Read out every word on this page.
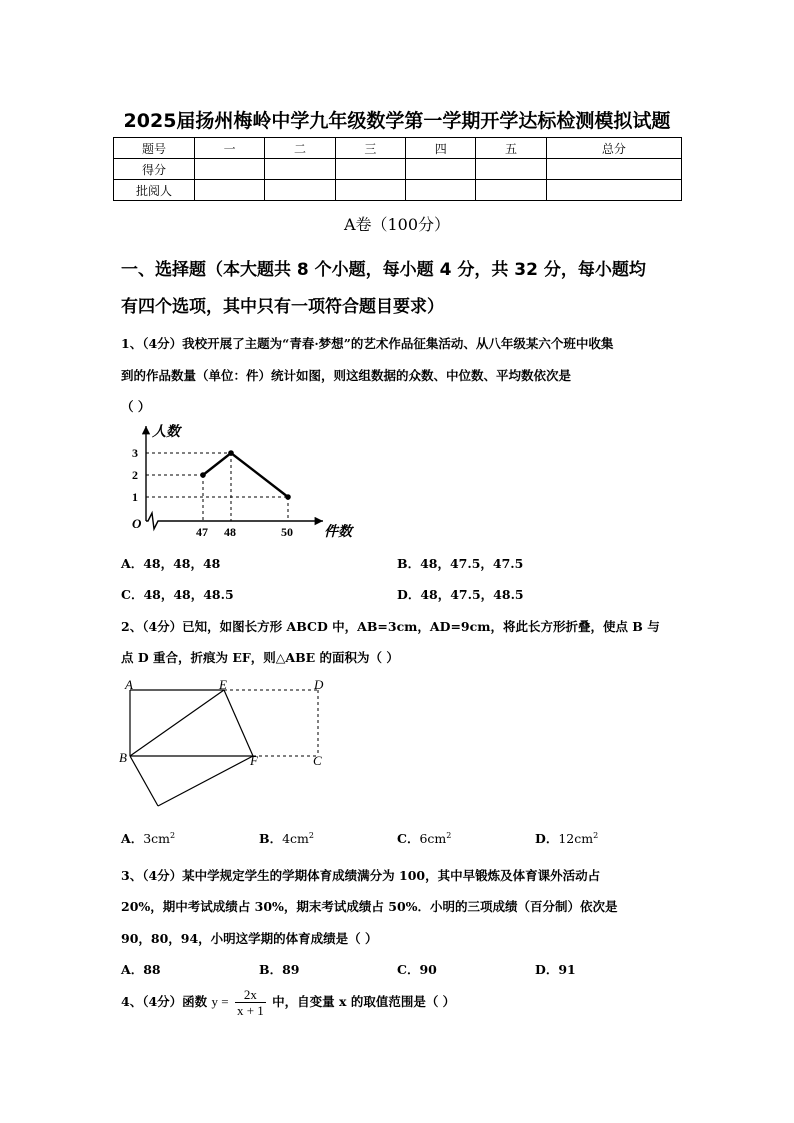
2025届扬州梅岭中学九年级数学第一学期开学达标检测模拟试题
题号	一	二	三	四	五	总分
得分						
批阅人						
A卷（100分）
一、选择题（本大题共 8 个小题，每小题 4 分，共 32 分，每小题均
有四个选项，其中只有一项符合题目要求）
1、（4分）我校开展了主题为“青春·梦想”的艺术作品征集活动、从八年级某六个班中收集
到的作品数量（单位：件）统计如图，则这组数据的众数、中位数、平均数依次是
（ ）
人数
件数
O
3
2
1
47 48	50
A．48，48，48	B．48，47.5，47.5
C．48，48，48.5	D．48，47.5，48.5
2、（4分）已知，如图长方形 ABCD 中，AB=3cm，AD=9cm，将此长方形折叠，使点 B 与
点 D 重合，折痕为 EF，则△ABE 的面积为（ ）
A	E	D
B	F	C
A．$3cm^2$	B．$4cm^2$	C．$6cm^2$	D．$12cm^2$
3、（4分）某中学规定学生的学期体育成绩满分为 100，其中早锻炼及体育课外活动占
20%，期中考试成绩占 30%，期末考试成绩占 50%．小明的三项成绩（百分制）依次是
90，80，94，小明这学期的体育成绩是（ ）
A．88	B．89	C．90	D．91
4、（4分）函数 $y = \frac{2x}{x + 1}$ 中，自变量 x 的取值范围是（ ）
